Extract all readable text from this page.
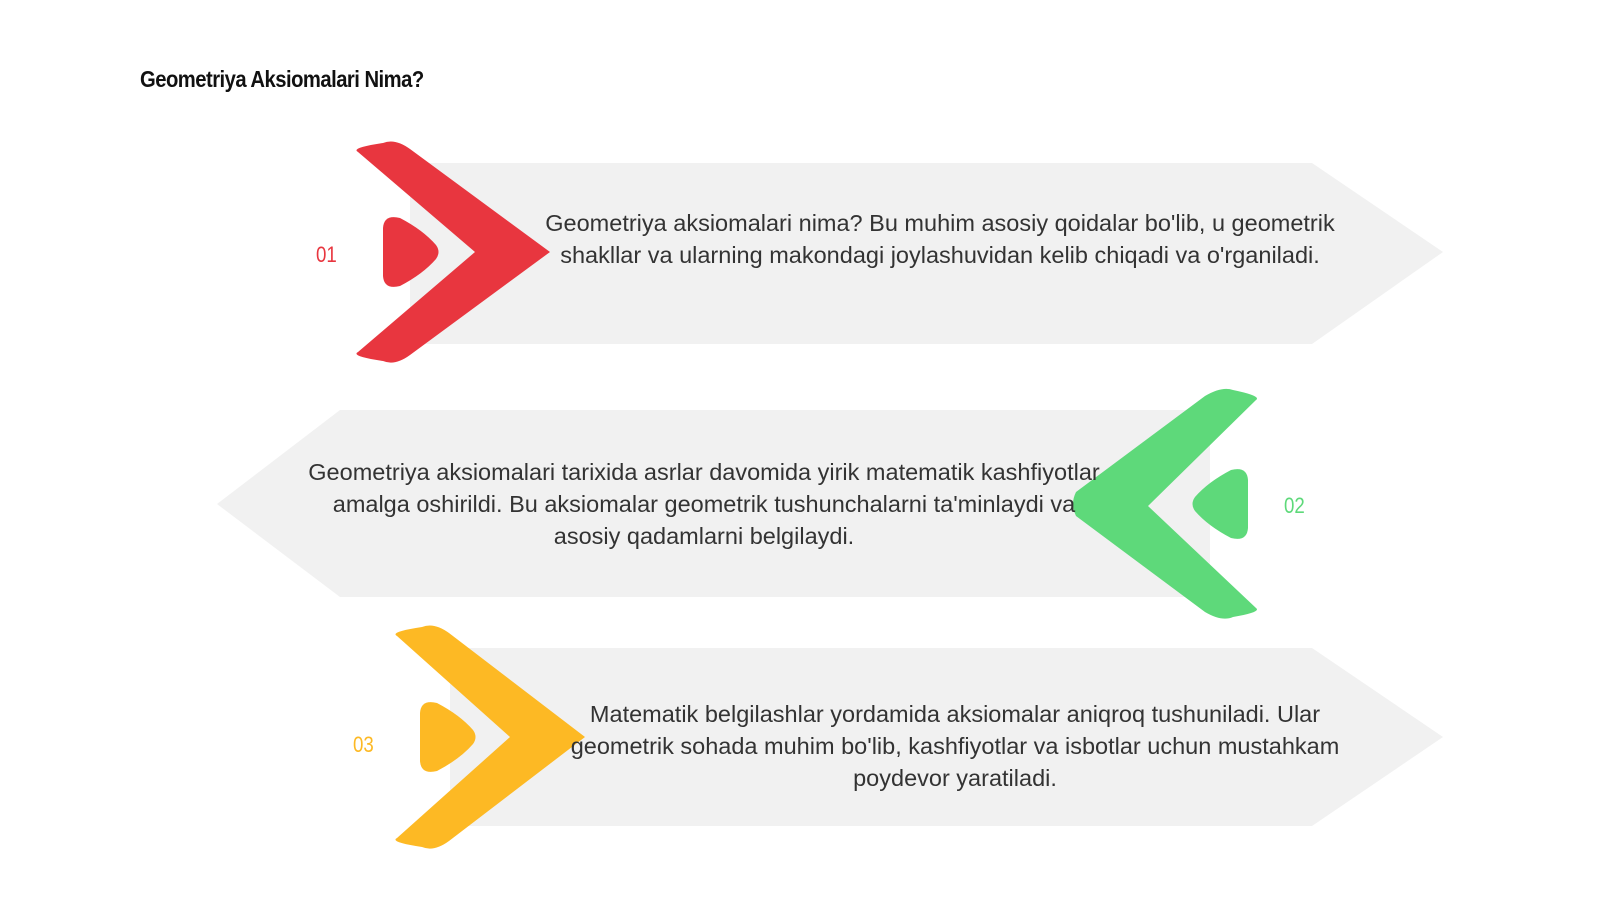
Geometriya Aksiomalari Nima?
01
02
03

Geometriya aksiomalari nima? Bu muhim asosiy qoidalar bo'lib, u geometrik shakllar va ularning makondagi joylashuvidan kelib chiqadi va o'rganiladi.

Geometriya aksiomalari tarixida asrlar davomida yirik matematik kashfiyotlar amalga oshirildi. Bu aksiomalar geometrik tushunchalarni ta'minlaydi va asosiy qadamlarni belgilaydi.

Matematik belgilashlar yordamida aksiomalar aniqroq tushuniladi. Ular geometrik sohada muhim bo'lib, kashfiyotlar va isbotlar uchun mustahkam poydevor yaratiladi.
